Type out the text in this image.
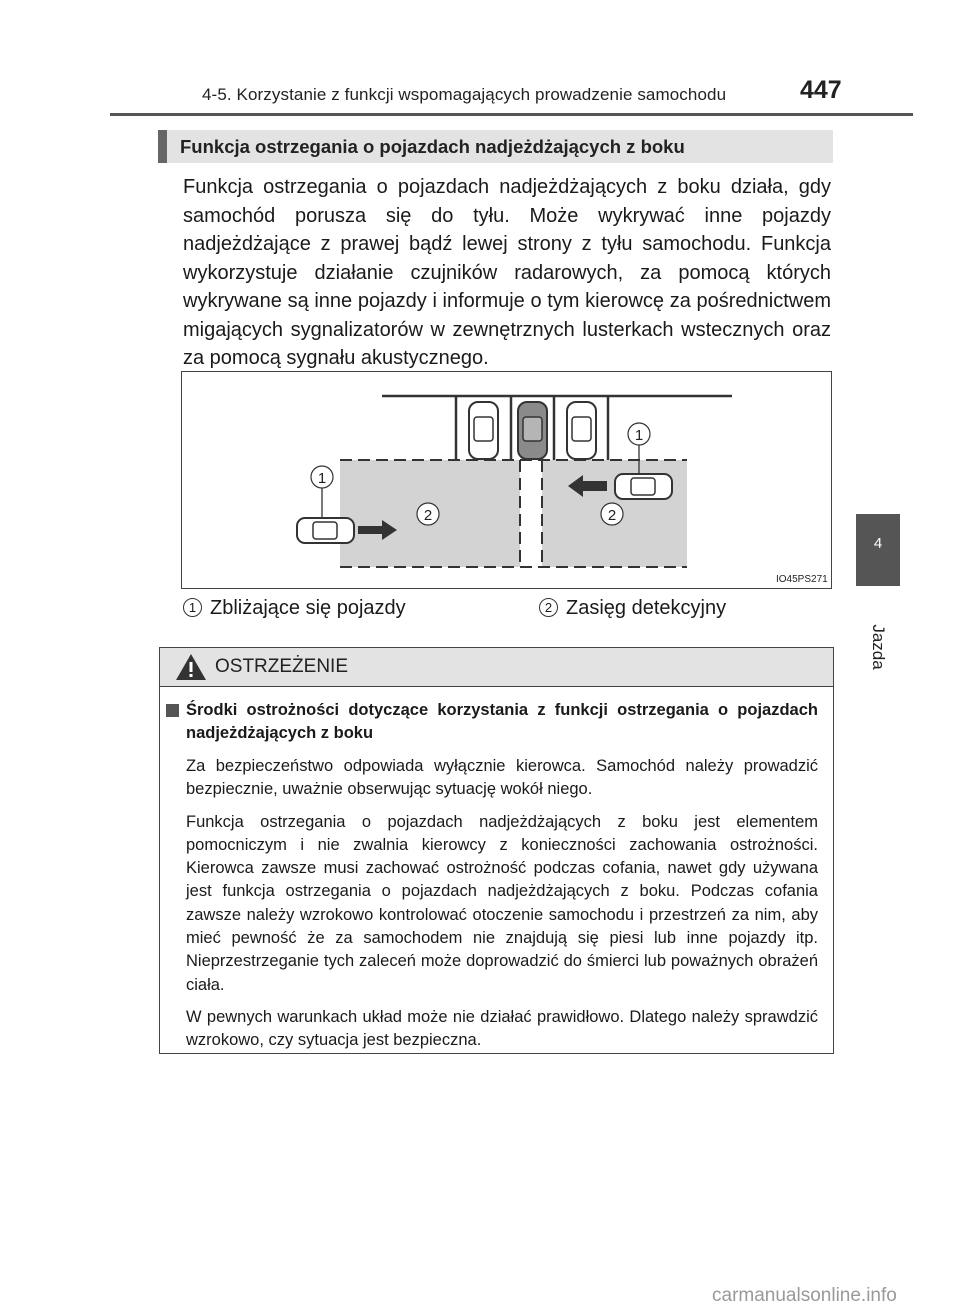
4-5. Korzystanie z funkcji wspomagających prowadzenie samochodu	447
Funkcja ostrzegania o pojazdach nadjeżdżających z boku

Funkcja ostrzegania o pojazdach nadjeżdżających z boku działa, gdy samochód porusza się do tyłu. Może wykrywać inne pojazdy nadjeżdżające z prawej bądź lewej strony z tyłu samochodu. Funkcja wykorzystuje działanie czujników radarowych, za pomocą których wykrywane są inne pojazdy i informuje o tym kierowcę za pośrednictwem migających sygnalizatorów w zewnętrznych lusterkach wstecznych oraz za pomocą sygnału akustycznego.

1
1
2	2
IO45PS271
1 Zbliżające się pojazdy	2 Zasięg detekcyjny
OSTRZEŻENIE
Środki ostrożności dotyczące korzystania z funkcji ostrzegania o pojazdach nadjeżdżających z boku

Za bezpieczeństwo odpowiada wyłącznie kierowca. Samochód należy prowadzić bezpiecznie, uważnie obserwując sytuację wokół niego.

Funkcja ostrzegania o pojazdach nadjeżdżających z boku jest elementem pomocniczym i nie zwalnia kierowcy z konieczności zachowania ostrożności. Kierowca zawsze musi zachować ostrożność podczas cofania, nawet gdy używana jest funkcja ostrzegania o pojazdach nadjeżdżających z boku. Podczas cofania zawsze należy wzrokowo kontrolować otoczenie samochodu i przestrzeń za nim, aby mieć pewność że za samochodem nie znajdują się piesi lub inne pojazdy itp. Nieprzestrzeganie tych zaleceń może doprowadzić do śmierci lub poważnych obrażeń ciała.

W pewnych warunkach układ może nie działać prawidłowo. Dlatego należy sprawdzić wzrokowo, czy sytuacja jest bezpieczna.

4
Jazda
carmanualsonline.info
